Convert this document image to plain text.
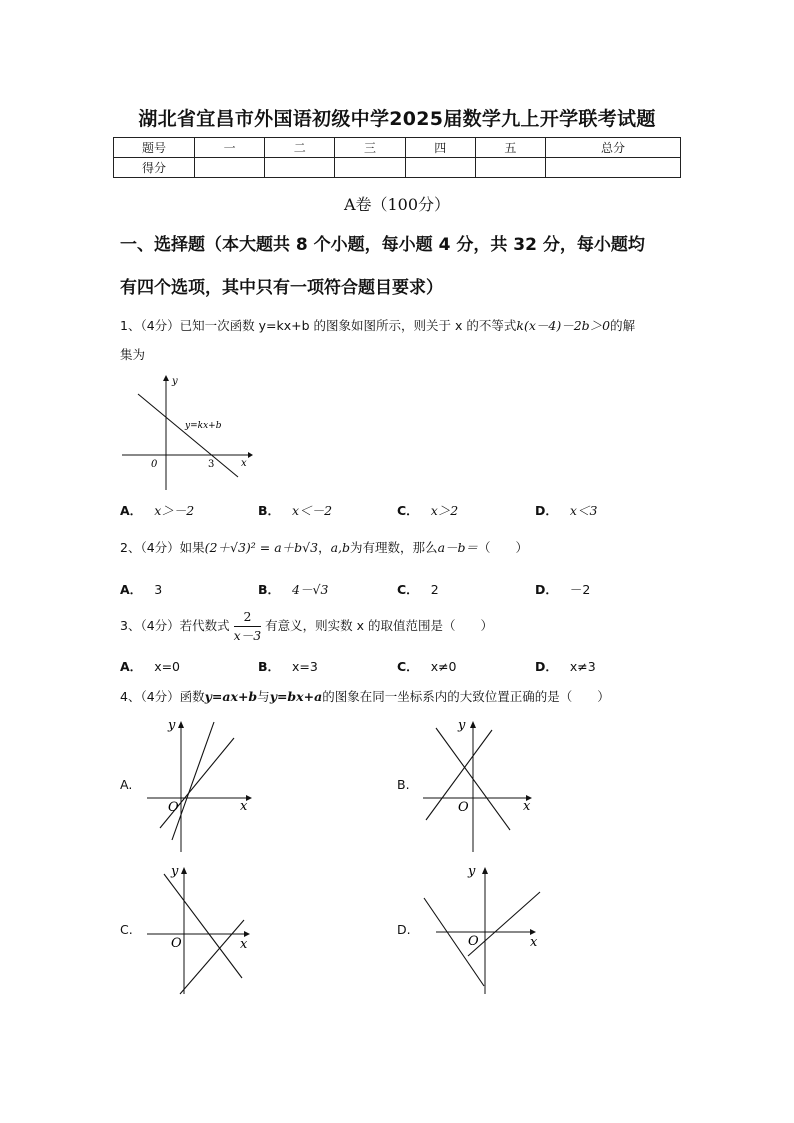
湖北省宜昌市外国语初级中学2025届数学九上开学联考试题
题号	一	二	三	四	五	总分
得分						
A卷（100分）
一、选择题（本大题共 8 个小题，每小题 4 分，共 32 分，每小题均
有四个选项，其中只有一项符合题目要求）
1、（4分）已知一次函数 y=kx+b 的图象如图所示，则关于 x 的不等式k(x－4)－2b＞0的解
集为
y
x
0	3
y=kx+b
A． x＞－2	B． x＜－2	C． x＞2	D． x＜3
2、（4分）如果(2＋√3)² = a＋b√3，a,b为有理数，那么a－b＝（　　）
A． 3	B． 4－√3	C． 2	D． －2
3、（4分）若代数式 $\frac{2}{x-3}$ 有意义，则实数 x 的取值范围是（　　）
A． x=0	B． x=3	C． x≠0	D． x≠3
4、（4分）函数y=ax+b与y=bx+a的图象在同一坐标系内的大致位置正确的是（　　）
A.
y
x
O
B.
y
x
O
C.
y
x
O
D.
y
x
O
